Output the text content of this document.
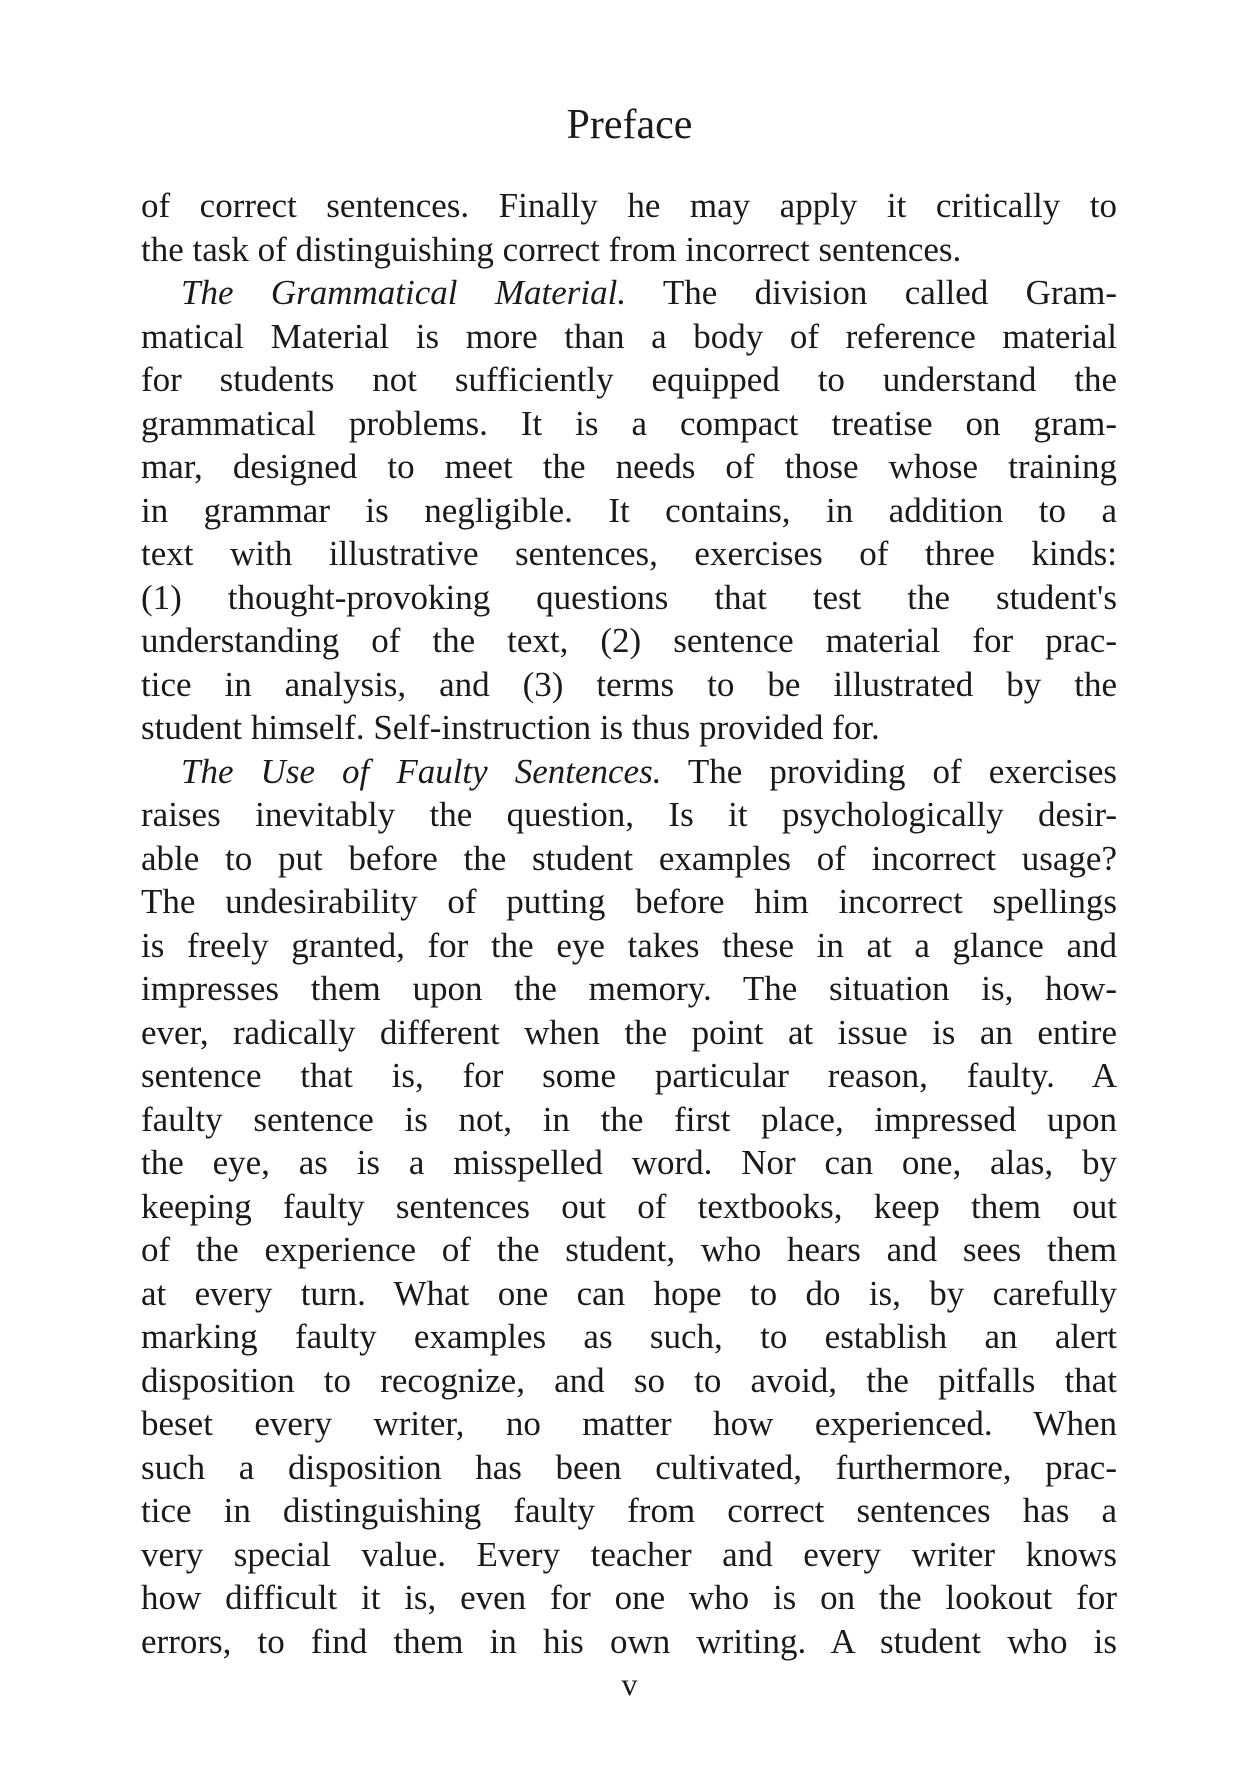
Preface
of correct sentences. Finally he may apply it critically to
the task of distinguishing correct from incorrect sentences.
The Grammatical Material. The division called Gram-
matical Material is more than a body of reference material
for students not sufficiently equipped to understand the
grammatical problems. It is a compact treatise on gram-
mar, designed to meet the needs of those whose training
in grammar is negligible. It contains, in addition to a
text with illustrative sentences, exercises of three kinds:
(1) thought-provoking questions that test the student's
understanding of the text, (2) sentence material for prac-
tice in analysis, and (3) terms to be illustrated by the
student himself. Self-instruction is thus provided for.
The Use of Faulty Sentences. The providing of exercises
raises inevitably the question, Is it psychologically desir-
able to put before the student examples of incorrect usage?
The undesirability of putting before him incorrect spellings
is freely granted, for the eye takes these in at a glance and
impresses them upon the memory. The situation is, how-
ever, radically different when the point at issue is an entire
sentence that is, for some particular reason, faulty. A
faulty sentence is not, in the first place, impressed upon
the eye, as is a misspelled word. Nor can one, alas, by
keeping faulty sentences out of textbooks, keep them out
of the experience of the student, who hears and sees them
at every turn. What one can hope to do is, by carefully
marking faulty examples as such, to establish an alert
disposition to recognize, and so to avoid, the pitfalls that
beset every writer, no matter how experienced. When
such a disposition has been cultivated, furthermore, prac-
tice in distinguishing faulty from correct sentences has a
very special value. Every teacher and every writer knows
how difficult it is, even for one who is on the lookout for
errors, to find them in his own writing. A student who is
v
